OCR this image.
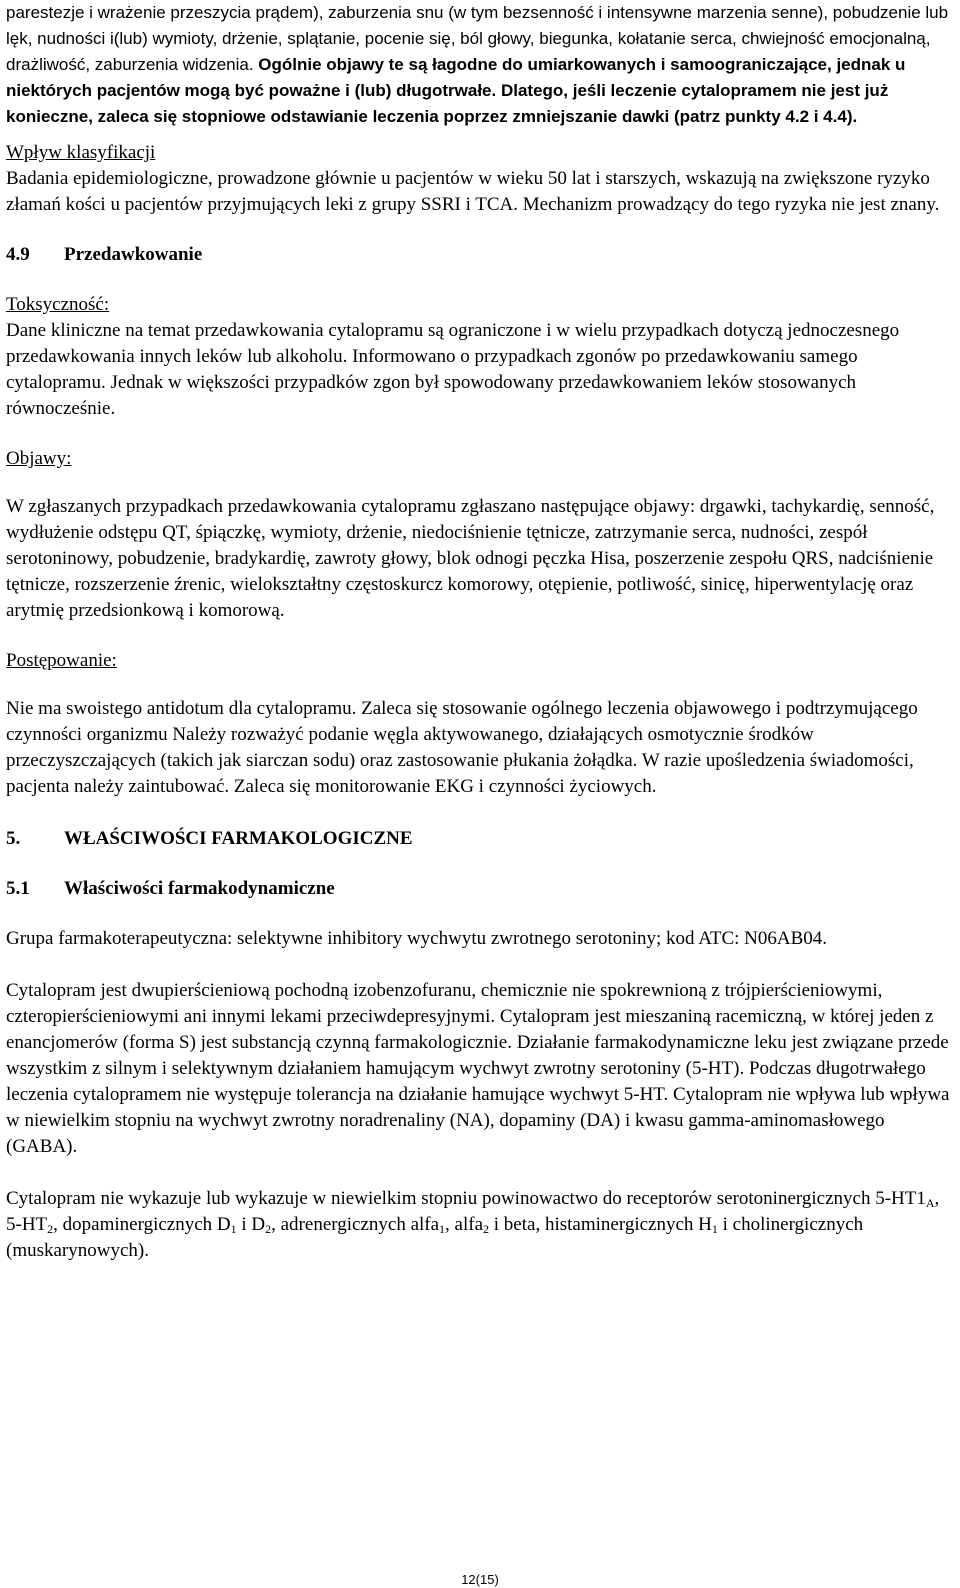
parestezje i wrażenie przeszycia prądem), zaburzenia snu (w tym bezsenność i intensywne marzenia senne), pobudzenie lub lęk, nudności i(lub) wymioty, drżenie, splątanie, pocenie się, ból głowy, biegunka, kołatanie serca, chwiejność emocjonalną, drażliwość, zaburzenia widzenia. Ogólnie objawy te są łagodne do umiarkowanych i samoograniczające, jednak u niektórych pacjentów mogą być poważne i (lub) długotrwałe. Dlatego, jeśli leczenie cytalopramem nie jest już konieczne, zaleca się stopniowe odstawianie leczenia poprzez zmniejszanie dawki (patrz punkty 4.2 i 4.4).

Wpływ klasyfikacji

Badania epidemiologiczne, prowadzone głównie u pacjentów w wieku 50 lat i starszych, wskazują na zwiększone ryzyko złamań kości u pacjentów przyjmujących leki z grupy SSRI i TCA. Mechanizm prowadzący do tego ryzyka nie jest znany.

4.9	Przedawkowanie

Toksyczność:

Dane kliniczne na temat przedawkowania cytalopramu są ograniczone i w wielu przypadkach dotyczą jednoczesnego przedawkowania innych leków lub alkoholu. Informowano o przypadkach zgonów po przedawkowaniu samego cytalopramu. Jednak w większości przypadków zgon był spowodowany przedawkowaniem leków stosowanych równocześnie.

Objawy:

W zgłaszanych przypadkach przedawkowania cytalopramu zgłaszano następujące objawy: drgawki, tachykardię, senność, wydłużenie odstępu QT, śpiączkę, wymioty, drżenie, niedociśnienie tętnicze, zatrzymanie serca, nudności, zespół serotoninowy, pobudzenie, bradykardię, zawroty głowy, blok odnogi pęczka Hisa, poszerzenie zespołu QRS, nadciśnienie tętnicze, rozszerzenie źrenic, wielokształtny częstoskurcz komorowy, otępienie, potliwość, sinicę, hiperwentylację oraz arytmię przedsionkową i komorową.

Postępowanie:

Nie ma swoistego antidotum dla cytalopramu. Zaleca się stosowanie ogólnego leczenia objawowego i podtrzymującego czynności organizmu Należy rozważyć podanie węgla aktywowanego, działających osmotycznie środków przeczyszczających (takich jak siarczan sodu) oraz zastosowanie płukania żołądka. W razie upośledzenia świadomości, pacjenta należy zaintubować. Zaleca się monitorowanie EKG i czynności życiowych.

5.	WŁAŚCIWOŚCI FARMAKOLOGICZNE
5.1	Właściwości farmakodynamiczne

Grupa farmakoterapeutyczna: selektywne inhibitory wychwytu zwrotnego serotoniny; kod ATC: N06AB04.

Cytalopram jest dwupierścieniową pochodną izobenzofuranu, chemicznie nie spokrewnioną z trójpierścieniowymi, czteropierścieniowymi ani innymi lekami przeciwdepresyjnymi. Cytalopram jest mieszaniną racemiczną, w której jeden z enancjomerów (forma S) jest substancją czynną farmakologicznie. Działanie farmakodynamiczne leku jest związane przede wszystkim z silnym i selektywnym działaniem hamującym wychwyt zwrotny serotoniny (5-HT). Podczas długotrwałego leczenia cytalopramem nie występuje tolerancja na działanie hamujące wychwyt 5-HT. Cytalopram nie wpływa lub wpływa w niewielkim stopniu na wychwyt zwrotny noradrenaliny (NA), dopaminy (DA) i kwasu gamma-aminomasłowego (GABA).

Cytalopram nie wykazuje lub wykazuje w niewielkim stopniu powinowactwo do receptorów serotoninergicznych $5-HT1_A$, $5-HT_2$, dopaminergicznych $D_1$ i $D_2$, adrenergicznych alfa$_1$, alfa$_2$ i beta, histaminergicznych $H_1$ i cholinergicznych (muskarynowych).

12(15)
